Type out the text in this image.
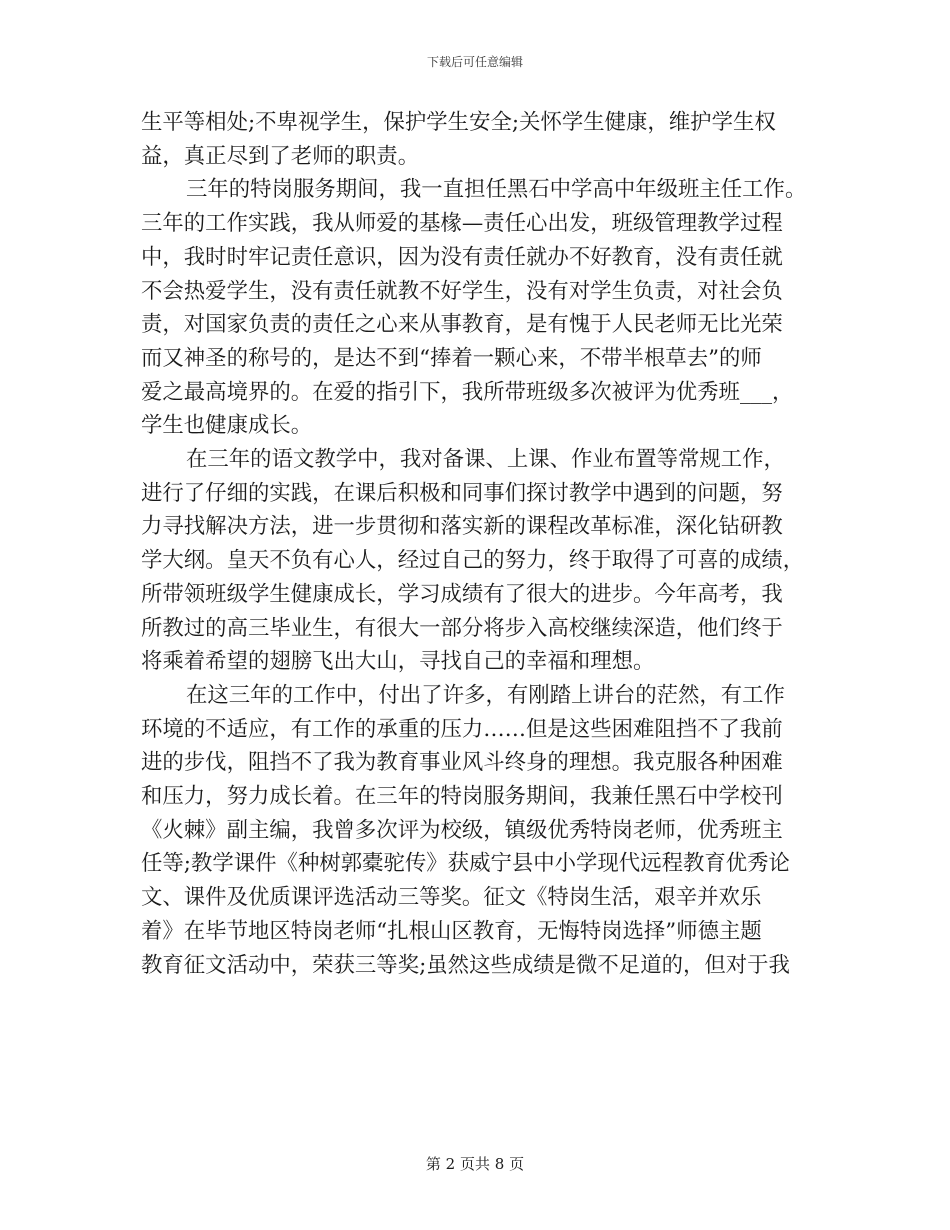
下载后可任意编辑
生平等相处;不卑视学生，保护学生安全;关怀学生健康，维护学生权
益，真正尽到了老师的职责。
三年的特岗服务期间，我一直担任黑石中学高中年级班主任工作。
三年的工作实践，我从师爱的基椽—责任心出发，班级管理教学过程
中，我时时牢记责任意识，因为没有责任就办不好教育，没有责任就
不会热爱学生，没有责任就教不好学生，没有对学生负责，对社会负
责，对国家负责的责任之心来从事教育，是有愧于人民老师无比光荣
而又神圣的称号的，是达不到“捧着一颗心来，不带半根草去”的师
爱之最高境界的。在爱的指引下，我所带班级多次被评为优秀班___，
学生也健康成长。
在三年的语文教学中，我对备课、上课、作业布置等常规工作，
进行了仔细的实践，在课后积极和同事们探讨教学中遇到的问题，努
力寻找解决方法，进一步贯彻和落实新的课程改革标准，深化钻研教
学大纲。皇天不负有心人，经过自己的努力，终于取得了可喜的成绩，
所带领班级学生健康成长，学习成绩有了很大的进步。今年高考，我
所教过的高三毕业生，有很大一部分将步入高校继续深造，他们终于
将乘着希望的翅膀飞出大山，寻找自己的幸福和理想。
在这三年的工作中，付出了许多，有刚踏上讲台的茫然，有工作
环境的不适应，有工作的承重的压力……但是这些困难阻挡不了我前
进的步伐，阻挡不了我为教育事业风斗终身的理想。我克服各种困难
和压力，努力成长着。在三年的特岗服务期间，我兼任黑石中学校刊
《火棘》副主编，我曾多次评为校级，镇级优秀特岗老师，优秀班主
任等;教学课件《种树郭橐驼传》获威宁县中小学现代远程教育优秀论
文、课件及优质课评选活动三等奖。征文《特岗生活，艰辛并欢乐
着》在毕节地区特岗老师“扎根山区教育，无悔特岗选择”师德主题
教育征文活动中，荣获三等奖;虽然这些成绩是微不足道的，但对于我
第 2 页共 8 页
